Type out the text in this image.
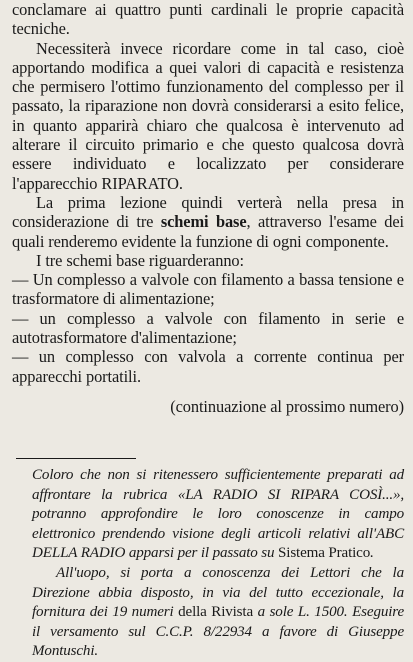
conclamare ai quattro punti cardinali le proprie capacità tecniche.

Necessiterà invece ricordare come in tal caso, cioè apportando modifica a quei valori di capacità e resistenza che permisero l'ottimo funzionamento del complesso per il passato, la riparazione non dovrà considerarsi a esito felice, in quanto apparirà chiaro che qualcosa è intervenuto ad alterare il circuito primario e che questo qualcosa dovrà essere individuato e localizzato per considerare l'apparecchio RIPARATO.

La prima lezione quindi verterà nella presa in considerazione di tre schemi base, attraverso l'esame dei quali renderemo evidente la funzione di ogni componente.

I tre schemi base riguarderanno:

— Un complesso a valvole con filamento a bassa tensione e trasformatore di alimentazione;

— un complesso a valvole con filamento in serie e autotrasformatore d'alimentazione;

— un complesso con valvola a corrente continua per apparecchi portatili.

(continuazione al prossimo numero)

Coloro che non si ritenessero sufficientemente preparati ad affrontare la rubrica «LA RADIO SI RIPARA COSÌ...», potranno approfondire le loro conoscenze in campo elettronico prendendo visione degli articoli relativi all'ABC DELLA RADIO apparsi per il passato su Sistema Pratico.

All'uopo, si porta a conoscenza dei Lettori che la Direzione abbia disposto, in via del tutto eccezionale, la fornitura dei 19 numeri della Rivista a sole L. 1500. Eseguire il versamento sul C.C.P. 8/22934 a favore di Giuseppe Montuschi.
